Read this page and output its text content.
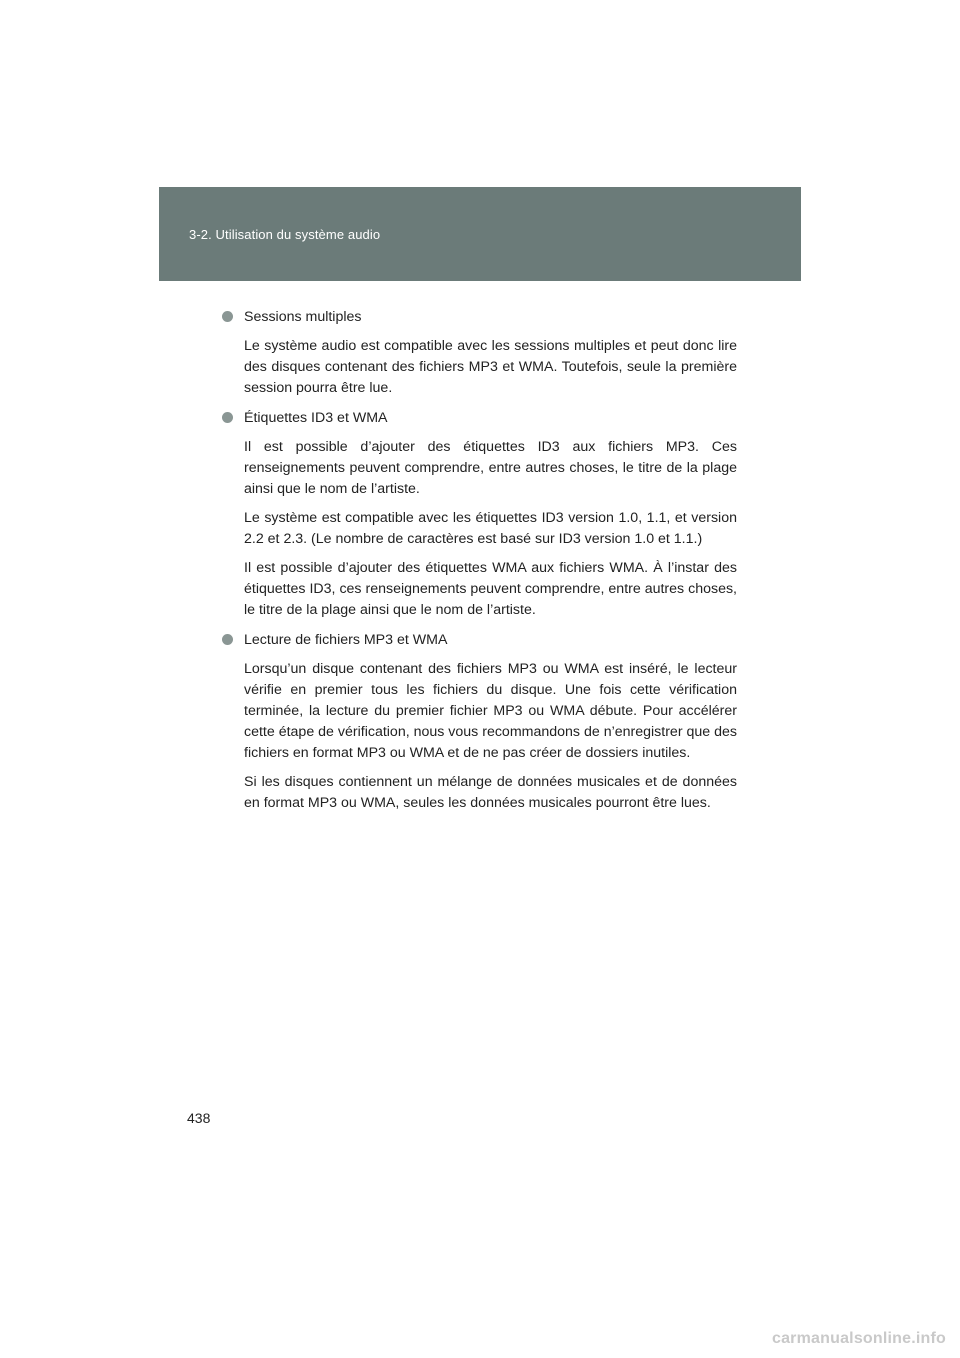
3-2. Utilisation du système audio

Sessions multiples

Le système audio est compatible avec les sessions multiples et peut donc lire des disques contenant des fichiers MP3 et WMA. Toutefois, seule la première session pourra être lue.

Étiquettes ID3 et WMA

Il est possible d’ajouter des étiquettes ID3 aux fichiers MP3. Ces renseignements peuvent comprendre, entre autres choses, le titre de la plage ainsi que le nom de l’artiste.

Le système est compatible avec les étiquettes ID3 version 1.0, 1.1, et version 2.2 et 2.3. (Le nombre de caractères est basé sur ID3 version 1.0 et 1.1.)

Il est possible d’ajouter des étiquettes WMA aux fichiers WMA. À l’instar des étiquettes ID3, ces renseignements peuvent comprendre, entre autres choses, le titre de la plage ainsi que le nom de l’artiste.

Lecture de fichiers MP3 et WMA

Lorsqu’un disque contenant des fichiers MP3 ou WMA est inséré, le lecteur vérifie en premier tous les fichiers du disque. Une fois cette vérification terminée, la lecture du premier fichier MP3 ou WMA débute. Pour accélérer cette étape de vérification, nous vous recommandons de n’enregistrer que des fichiers en format MP3 ou WMA et de ne pas créer de dossiers inutiles.

Si les disques contiennent un mélange de données musicales et de données en format MP3 ou WMA, seules les données musicales pourront être lues.

438
carmanualsonline.info
